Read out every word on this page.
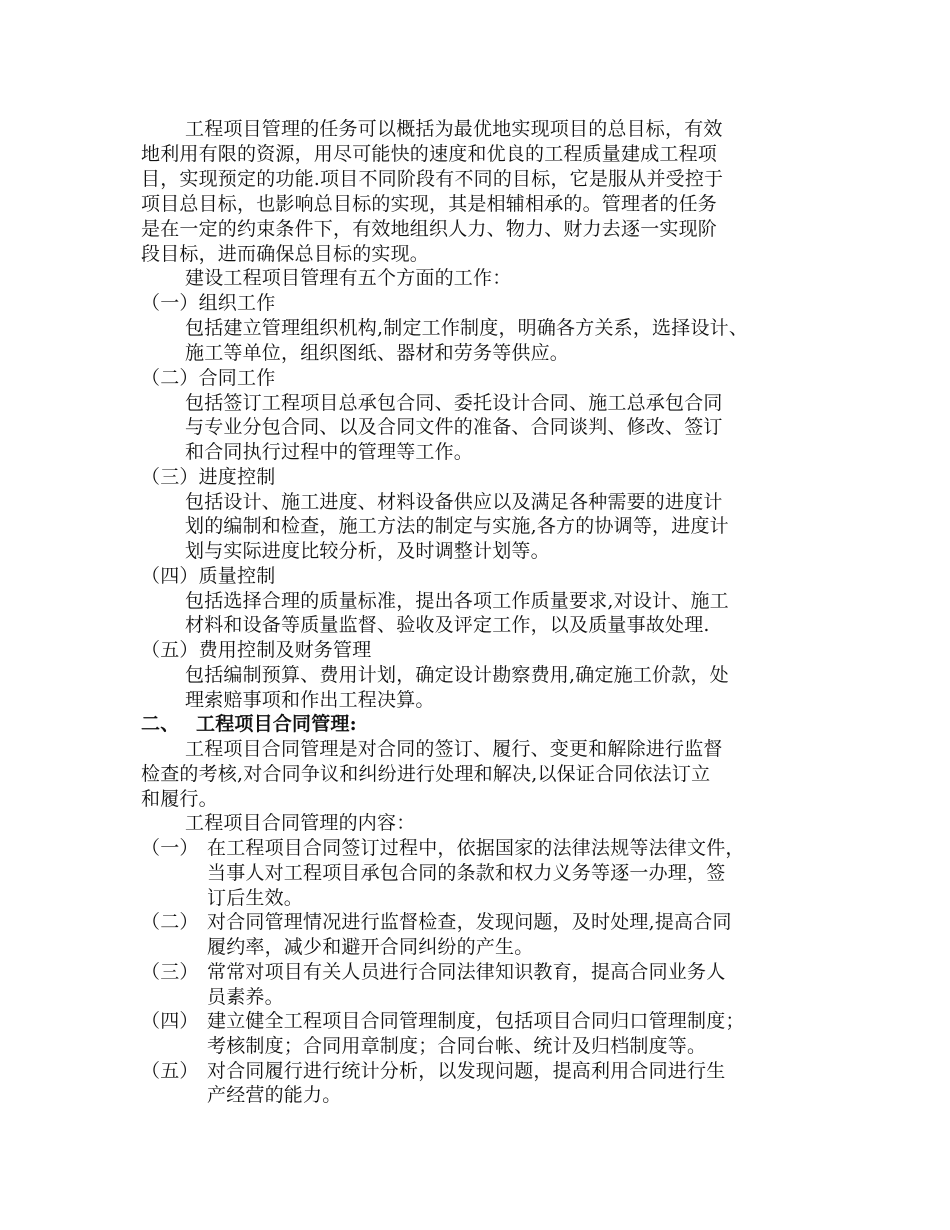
工程项目管理的任务可以概括为最优地实现项目的总目标，有效
地利用有限的资源，用尽可能快的速度和优良的工程质量建成工程项
目，实现预定的功能.项目不同阶段有不同的目标，它是服从并受控于
项目总目标，也影响总目标的实现，其是相辅相承的。管理者的任务
是在一定的约束条件下，有效地组织人力、物力、财力去逐一实现阶
段目标，进而确保总目标的实现。
建设工程项目管理有五个方面的工作：
（一）组织工作
包括建立管理组织机构,制定工作制度，明确各方关系，选择设计、
施工等单位，组织图纸、器材和劳务等供应。
（二）合同工作
包括签订工程项目总承包合同、委托设计合同、施工总承包合同
与专业分包合同、以及合同文件的准备、合同谈判、修改、签订
和合同执行过程中的管理等工作。
（三）进度控制
包括设计、施工进度、材料设备供应以及满足各种需要的进度计
划的编制和检查，施工方法的制定与实施,各方的协调等，进度计
划与实际进度比较分析，及时调整计划等。
（四）质量控制
包括选择合理的质量标准，提出各项工作质量要求,对设计、施工
材料和设备等质量监督、验收及评定工作，以及质量事故处理.
（五）费用控制及财务管理
包括编制预算、费用计划，确定设计勘察费用,确定施工价款，处
理索赔事项和作出工程决算。
二、 工程项目合同管理:
工程项目合同管理是对合同的签订、履行、变更和解除进行监督
检查的考核,对合同争议和纠纷进行处理和解决,以保证合同依法订立
和履行。
工程项目合同管理的内容：
（一） 在工程项目合同签订过程中，依据国家的法律法规等法律文件，
当事人对工程项目承包合同的条款和权力义务等逐一办理，签
订后生效。
（二） 对合同管理情况进行监督检查，发现问题，及时处理,提高合同
履约率，减少和避开合同纠纷的产生。
（三） 常常对项目有关人员进行合同法律知识教育，提高合同业务人
员素养。
（四） 建立健全工程项目合同管理制度，包括项目合同归口管理制度；
考核制度；合同用章制度；合同台帐、统计及归档制度等。
（五） 对合同履行进行统计分析，以发现问题，提高利用合同进行生
产经营的能力。
